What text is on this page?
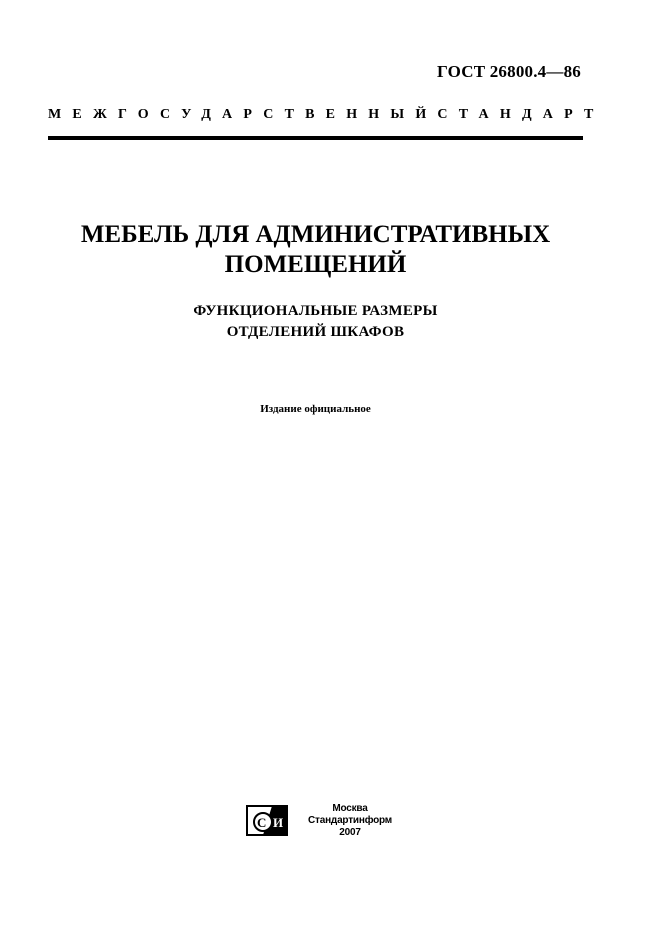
ГОСТ 26800.4—86
МЕЖГОСУДАРСТВЕННЫЙ СТАНДАРТ
МЕБЕЛЬ ДЛЯ АДМИНИСТРАТИВНЫХ
ПОМЕЩЕНИЙ
ФУНКЦИОНАЛЬНЫЕ РАЗМЕРЫ
ОТДЕЛЕНИЙ ШКАФОВ
Издание официальное
С И
Москва
Стандартинформ
2007
